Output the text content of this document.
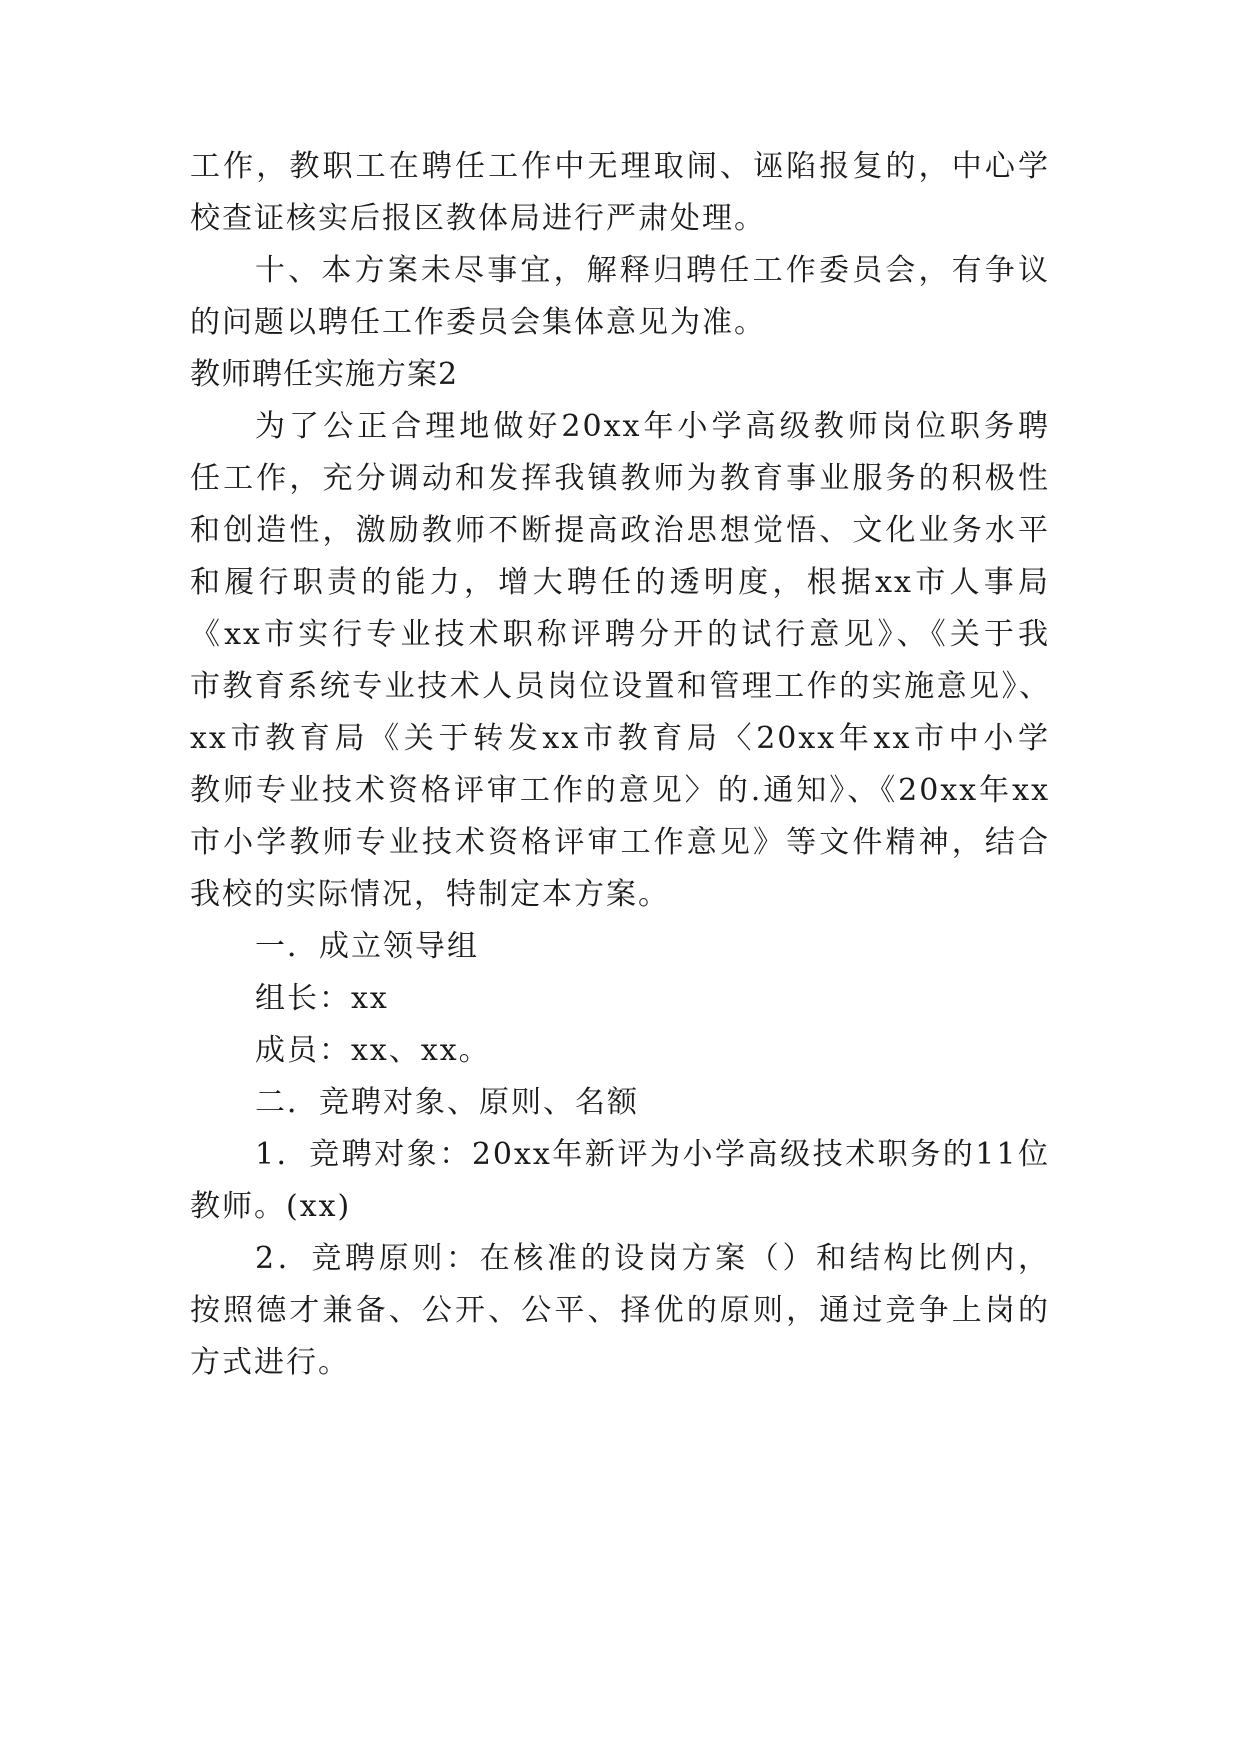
工作，教职工在聘任工作中无理取闹、诬陷报复的，中心学
校查证核实后报区教体局进行严肃处理。
十、本方案未尽事宜，解释归聘任工作委员会，有争议
的问题以聘任工作委员会集体意见为准。
教师聘任实施方案2
为了公正合理地做好20xx年小学高级教师岗位职务聘
任工作，充分调动和发挥我镇教师为教育事业服务的积极性
和创造性，激励教师不断提高政治思想觉悟、文化业务水平
和履行职责的能力，增大聘任的透明度，根据xx市人事局
《xx市实行专业技术职称评聘分开的试行意见》、《关于我
市教育系统专业技术人员岗位设置和管理工作的实施意见》、
xx市教育局《关于转发xx市教育局〈20xx年xx市中小学
教师专业技术资格评审工作的意见〉的.通知》、《20xx年xx
市小学教师专业技术资格评审工作意见》等文件精神，结合
我校的实际情况，特制定本方案。
一．成立领导组
组长：xx
成员：xx、xx。
二．竞聘对象、原则、名额
1．竞聘对象：20xx年新评为小学高级技术职务的11位
教师。(xx)
2．竞聘原则：在核准的设岗方案（）和结构比例内，
按照德才兼备、公开、公平、择优的原则，通过竞争上岗的
方式进行。
